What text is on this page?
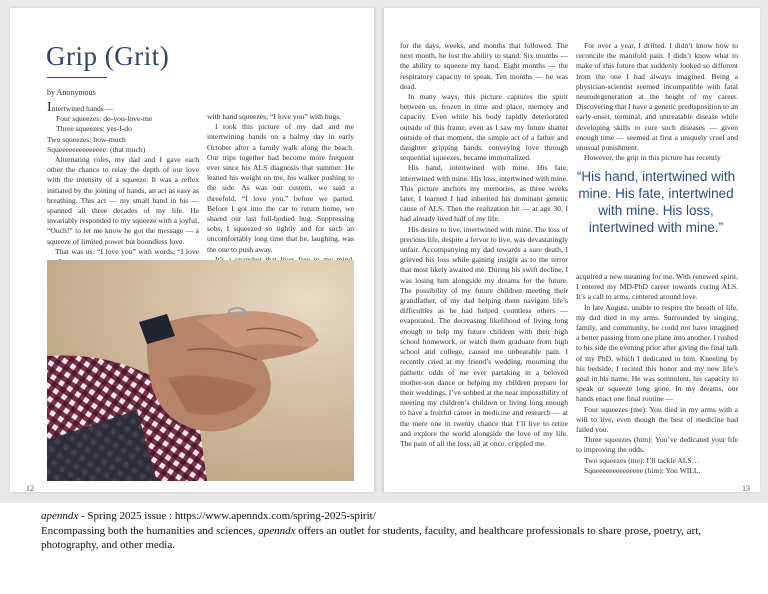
Grip (Grit)
by Anonymous

Intertwined hands —

Four squeezes: do-you-love-me

Three squeezes: yes-I-do

Two squeezes: how-much

Squeeeeeeeeeeeeee: (that much)

Alternating roles, my dad and I gave each other the chance to relay the depth of our love with the intensity of a squeeze. It was a reflex initiated by the joining of hands, an act as easy as breathing. This act — my small hand in his — spanned all three decades of my life. He invariably responded to my squeeze with a joyful, “Ouch!” to let me know he got the message — a squeeze of limited power but boundless love.

That was us: “I love you” with words; “I love

with hand squeezes; “I love you” with hugs.

I took this picture of my dad and me intertwining hands on a balmy day in early October after a family walk along the beach. Our trips together had become more frequent ever since his ALS diagnosis that summer. He leaned his weight on me, his walker pushing to the side. As was our custom, we said a threefold, “I love you,” before we parted. Before I got into the car to return home, we shared our last full-bodied hug. Suppressing sobs, I squeezed so tightly and for such an uncomfortably long time that he, laughing, was the one to push away.

12

for the days, weeks, and months that followed. The next month, he lost the ability to stand. Six months — the ability to squeeze my hand. Eight months — the respiratory capacity to speak. Ten months — he was dead.

In many ways, this picture captures the spirit between us, frozen in time and place, memory and capacity. Even while his body rapidly deteriorated outside of this frame, even as I saw my future shatter outside of that moment, the simple act of a father and daughter gripping hands, conveying love through sequential squeezes, became immortalized.

His hand, intertwined with mine. His fate, intertwined with mine. His loss, intertwined with mine. This picture anchors my memories, as three weeks later, I learned I had inherited his dominant genetic cause of ALS. Then the realization hit — at age 30, I had already lived half of my life.

His desire to live, intertwined with mine. The loss of precious life, despite a fervor to live, was devastatingly unfair. Accompanying my dad towards a sure death, I grieved his loss while gaining insight as to the terror that most likely awaited me. During his swift decline, I was losing him alongside my dreams for the future. The possibility of my future children meeting their grandfather, of my dad helping them navigate life’s difficulties as he had helped countless others — evaporated. The decreasing likelihood of living long enough to help my future children with their high school homework, or watch them graduate from high school and college, caused me unbearable pain. I recently cried at my friend’s wedding, mourning the pathetic odds of me ever partaking in a beloved mother-son dance or helping my children prepare for their weddings. I’ve sobbed at the near impossibility of meeting my children’s children or living long enough to have a fruitful career in medicine and research — at the mere one in twenty chance that I’ll live to retire and explore the world alongside the love of my life. The pain of all the loss, all at once, crippled me.

For over a year, I drifted. I didn’t know how to reconcile the manifold pain. I didn’t know what to make of this future that suddenly looked so different from the one I had always imagined. Being a physician-scientist seemed incompatible with fatal neurodegeneration at the height of my career. Discovering that I have a genetic predisposition to an early-onset, terminal, and untreatable disease while developing skills to cure such diseases — given enough time — seemed at first a uniquely cruel and unusual punishment.

However, the grip in this picture has recently

“His hand, intertwined with mine. His fate, intertwined with mine. His loss, intertwined with mine.”

acquired a new meaning for me. With renewed spirit, I entered my MD-PhD career towards curing ALS. It’s a call to arms, centered around love.

In late August, unable to respire the breath of life, my dad died in my arms. Surrounded by singing, family, and community, he could not have imagined a better passing from one plane into another. I rushed to his side the evening prior after giving the final talk of my PhD, which I dedicated to him. Kneeling by his bedside, I recited this honor and my new life’s goal in his name. He was somnolent, his capacity to speak or squeeze long gone. In my dreams, our hands enact one final routine —

Four squeezes (me): You died in my arms with a will to live, even though the best of medicine had failed you.

Three squeezes (him): You’ve dedicated your life to improving the odds.

Two squeezes (me): I’ll tackle ALS…

Squeeeeeeeeeeeeee (him): You WILL.

13

apenndx - Spring 2025 issue : https://www.apenndx.com/spring-2025-spirit/

Encompassing both the humanities and sciences, apenndx offers an outlet for students, faculty, and healthcare professionals to share prose, poetry, art, photography, and other media.
